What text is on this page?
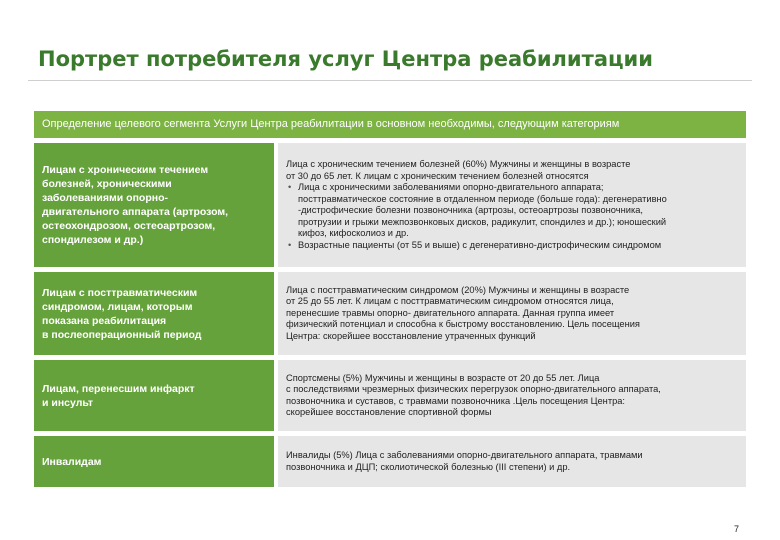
Портрет потребителя услуг Центра реабилитации
Определение целевого сегмента Услуги Центра реабилитации в основном необходимы, следующим категориям
Лицам с хроническим течением
болезней, хроническими
заболеваниями опорно-
двигательного аппарата (артрозом,
остеохондрозом, остеоартрозом,
спондилезом и др.)

Лица с хроническим течением болезней (60%) Мужчины и женщины в возрасте
от 30 до 65 лет. К лицам с хроническим течением болезней относятся

• Лица с хроническими заболеваниями опорно-двигательного аппарата;
посттравматическое состояние в отдаленном периоде (больше года): дегенеративно
-дистрофические болезни позвоночника (артрозы, остеоартрозы позвоночника,
протрузии и грыжи межпозвонковых дисков, радикулит, спондилез и др.); юношеский
кифоз, кифосколиоз и др.
• Возрастные пациенты (от 55 и выше) с дегенеративно-дистрофическим синдромом
Лицам с посттравматическим
синдромом, лицам, которым
показана реабилитация
в послеоперационный период

Лица с посттравматическим синдромом (20%) Мужчины и женщины в возрасте
от 25 до 55 лет. К лицам с посттравматическим синдромом относятся лица,
перенесшие травмы опорно- двигательного аппарата. Данная группа имеет
физический потенциал и способна к быстрому восстановлению. Цель посещения
Центра: скорейшее восстановление утраченных функций

Лицам, перенесшим инфаркт
и инсульт

Спортсмены (5%) Мужчины и женщины в возрасте от 20 до 55 лет. Лица
с последствиями чрезмерных физических перегрузок опорно-двигательного аппарата,
позвоночника и суставов, с травмами позвоночника .Цель посещения Центра:
скорейшее восстановление спортивной формы

Инвалидам

Инвалиды (5%) Лица с заболеваниями опорно-двигательного аппарата, травмами
позвоночника и ДЦП; сколиотической болезнью (III степени) и др.

7
